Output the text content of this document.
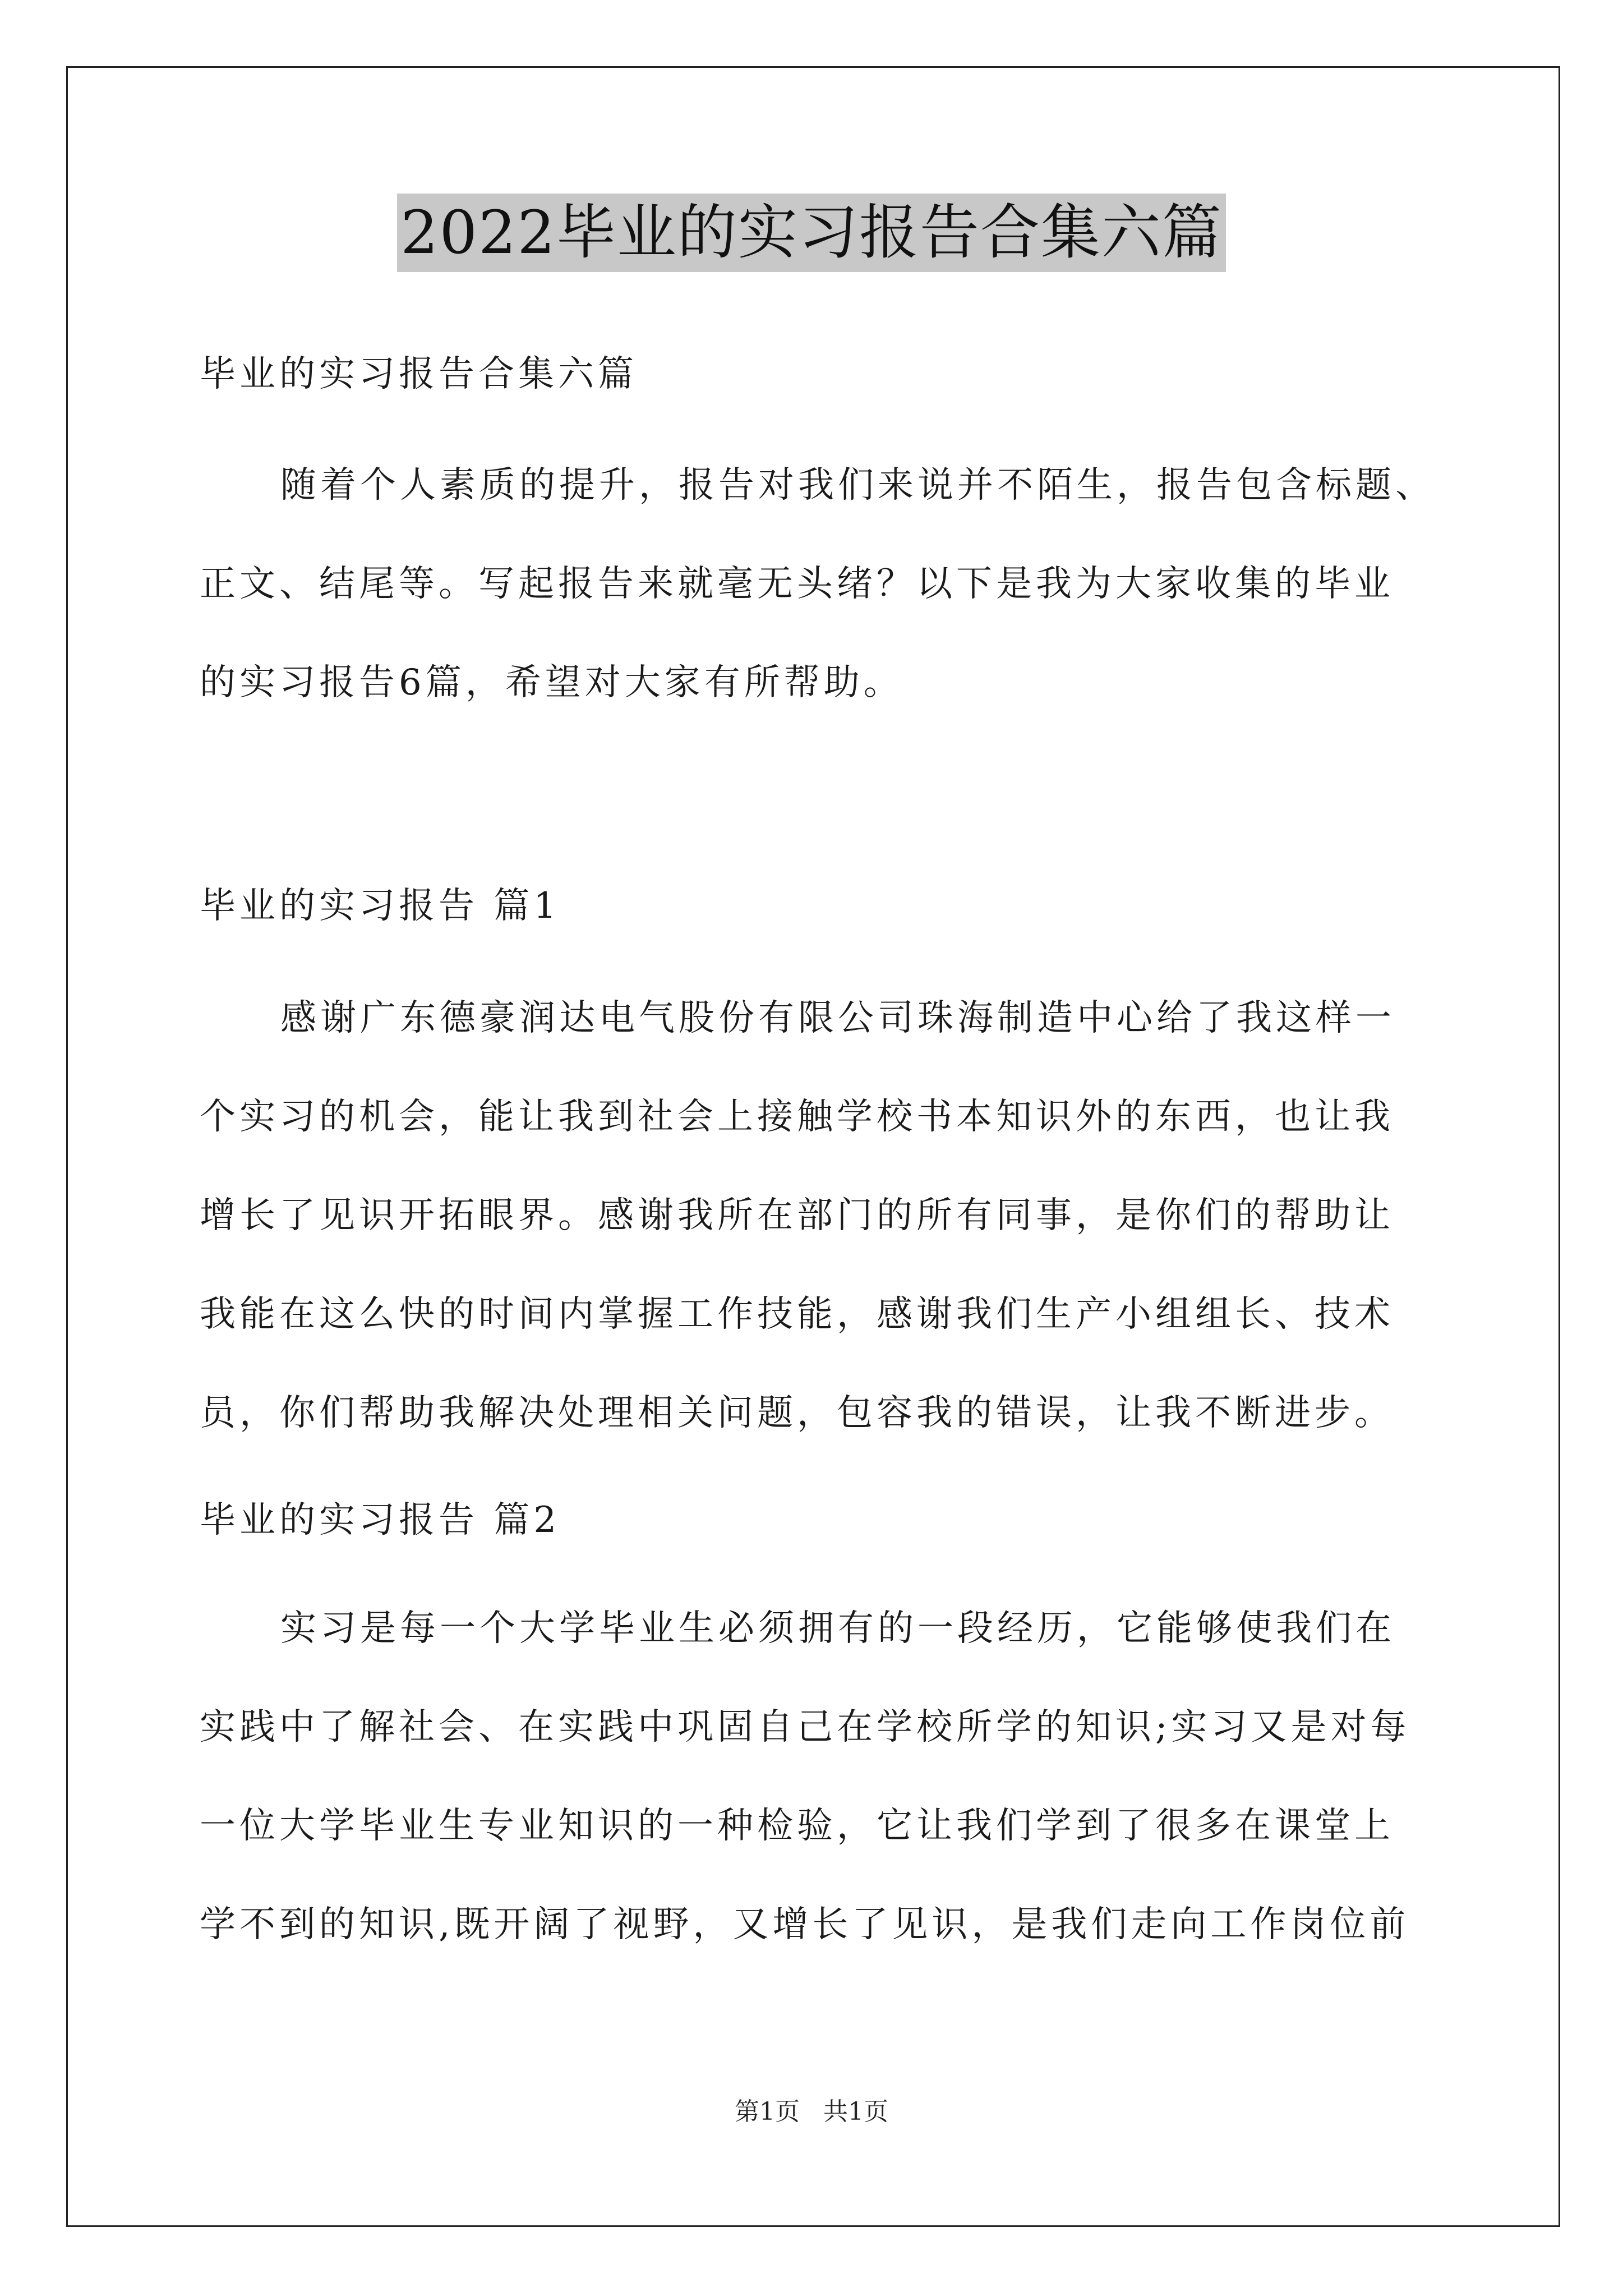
2022毕业的实习报告合集六篇
毕业的实习报告合集六篇
随着个人素质的提升，报告对我们来说并不陌生，报告包含标题、
正文、结尾等。写起报告来就毫无头绪？以下是我为大家收集的毕业
的实习报告6篇，希望对大家有所帮助。
毕业的实习报告 篇1
感谢广东德豪润达电气股份有限公司珠海制造中心给了我这样一
个实习的机会，能让我到社会上接触学校书本知识外的东西，也让我
增长了见识开拓眼界。感谢我所在部门的所有同事，是你们的帮助让
我能在这么快的时间内掌握工作技能，感谢我们生产小组组长、技术
员，你们帮助我解决处理相关问题，包容我的错误，让我不断进步。
毕业的实习报告 篇2
实习是每一个大学毕业生必须拥有的一段经历，它能够使我们在
实践中了解社会、在实践中巩固自己在学校所学的知识;实习又是对每
一位大学毕业生专业知识的一种检验，它让我们学到了很多在课堂上
学不到的知识,既开阔了视野，又增长了见识，是我们走向工作岗位前
第1页   共1页
